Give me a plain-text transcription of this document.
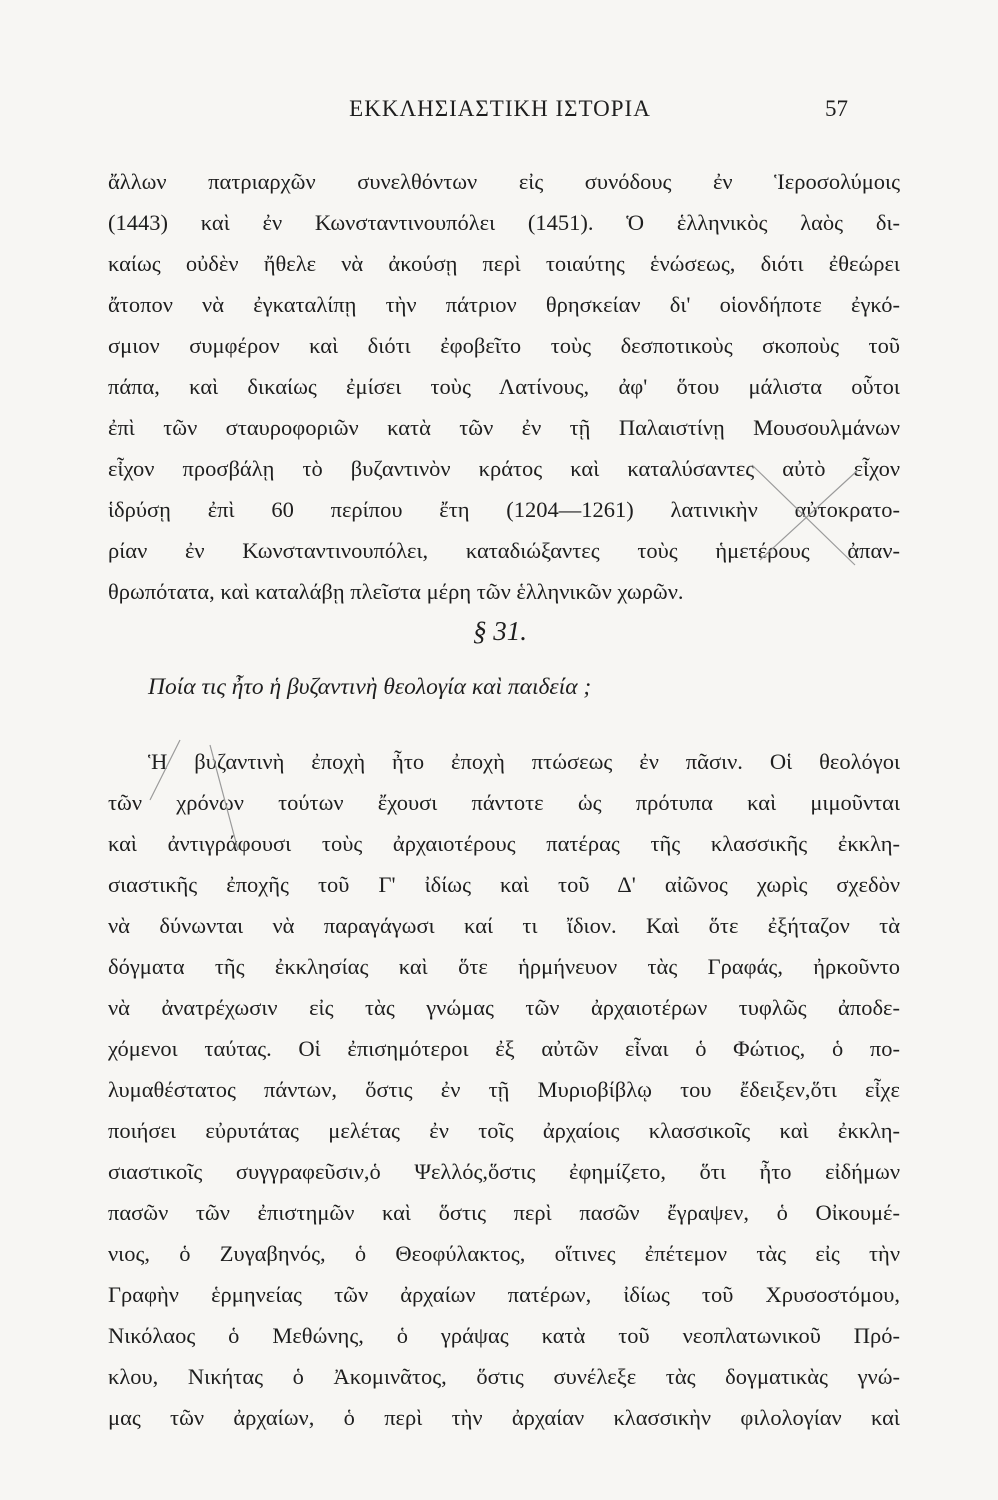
ΕΚΚΛΗΣΙΑΣΤΙΚΗ ΙΣΤΟΡΙΑ	57
ἄλλων πατριαρχῶν συνελθόντων εἰς συνόδους ἐν Ἱεροσολύμοις
(1443) καὶ ἐν Κωνσταντινουπόλει (1451). Ὁ ἑλληνικὸς λαὸς δι-
καίως οὐδὲν ἤθελε νὰ ἀκούσῃ περὶ τοιαύτης ἑνώσεως, διότι ἐθεώρει
ἄτοπον νὰ ἐγκαταλίπῃ τὴν πάτριον θρησκείαν δι' οἱονδήποτε ἐγκό-
σμιον συμφέρον καὶ διότι ἐφοβεῖτο τοὺς δεσποτικοὺς σκοποὺς τοῦ
πάπα, καὶ δικαίως ἐμίσει τοὺς Λατίνους, ἀφ' ὅτου μάλιστα οὗτοι
ἐπὶ τῶν σταυροφοριῶν κατὰ τῶν ἐν τῇ Παλαιστίνῃ Μουσουλμάνων
εἶχον προσβάλῃ τὸ βυζαντινὸν κράτος καὶ καταλύσαντες αὐτὸ εἶχον
ἱδρύσῃ ἐπὶ 60 περίπου ἔτη (1204—1261) λατινικὴν αὐτοκρατο-
ρίαν ἐν Κωνσταντινουπόλει, καταδιώξαντες τοὺς ἡμετέρους ἀπαν-
θρωπότατα, καὶ καταλάβῃ πλεῖστα μέρη τῶν ἑλληνικῶν χωρῶν.
§ 31.
Ποία τις ἦτο ἡ βυζαντινὴ θεολογία καὶ παιδεία ;
Ἡ βυζαντινὴ ἐποχὴ ἦτο ἐποχὴ πτώσεως ἐν πᾶσιν. Οἱ θεολόγοι
τῶν χρόνων τούτων ἔχουσι πάντοτε ὡς πρότυπα καὶ μιμοῦνται
καὶ ἀντιγράφουσι τοὺς ἀρχαιοτέρους πατέρας τῆς κλασσικῆς ἐκκλη-
σιαστικῆς ἐποχῆς τοῦ Γ' ἰδίως καὶ τοῦ Δ' αἰῶνος χωρὶς σχεδὸν
νὰ δύνωνται νὰ παραγάγωσι καί τι ἴδιον. Καὶ ὅτε ἐξήταζον τὰ
δόγματα τῆς ἐκκλησίας καὶ ὅτε ἡρμήνευον τὰς Γραφάς, ἠρκοῦντο
νὰ ἀνατρέχωσιν εἰς τὰς γνώμας τῶν ἀρχαιοτέρων τυφλῶς ἀποδε-
χόμενοι ταύτας. Οἱ ἐπισημότεροι ἐξ αὐτῶν εἶναι ὁ Φώτιος, ὁ πο-
λυμαθέστατος πάντων, ὅστις ἐν τῇ Μυριοβίβλῳ του ἔδειξεν,ὅτι εἶχε
ποιήσει εὐρυτάτας μελέτας ἐν τοῖς ἀρχαίοις κλασσικοῖς καὶ ἐκκλη-
σιαστικοῖς συγγραφεῦσιν,ὁ Ψελλός,ὅστις ἐφημίζετο, ὅτι ἦτο εἰδήμων
πασῶν τῶν ἐπιστημῶν καὶ ὅστις περὶ πασῶν ἔγραψεν, ὁ Οἰκουμέ-
νιος, ὁ Ζυγαβηνός, ὁ Θεοφύλακτος, οἵτινες ἐπέτεμον τὰς εἰς τὴν
Γραφὴν ἑρμηνείας τῶν ἀρχαίων πατέρων, ἰδίως τοῦ Χρυσοστόμου,
Νικόλαος ὁ Μεθώνης, ὁ γράψας κατὰ τοῦ νεοπλατωνικοῦ Πρό-
κλου, Νικήτας ὁ Ἀκομινᾶτος, ὅστις συνέλεξε τὰς δογματικὰς γνώ-
μας τῶν ἀρχαίων, ὁ περὶ τὴν ἀρχαίαν κλασσικὴν φιλολογίαν καὶ
